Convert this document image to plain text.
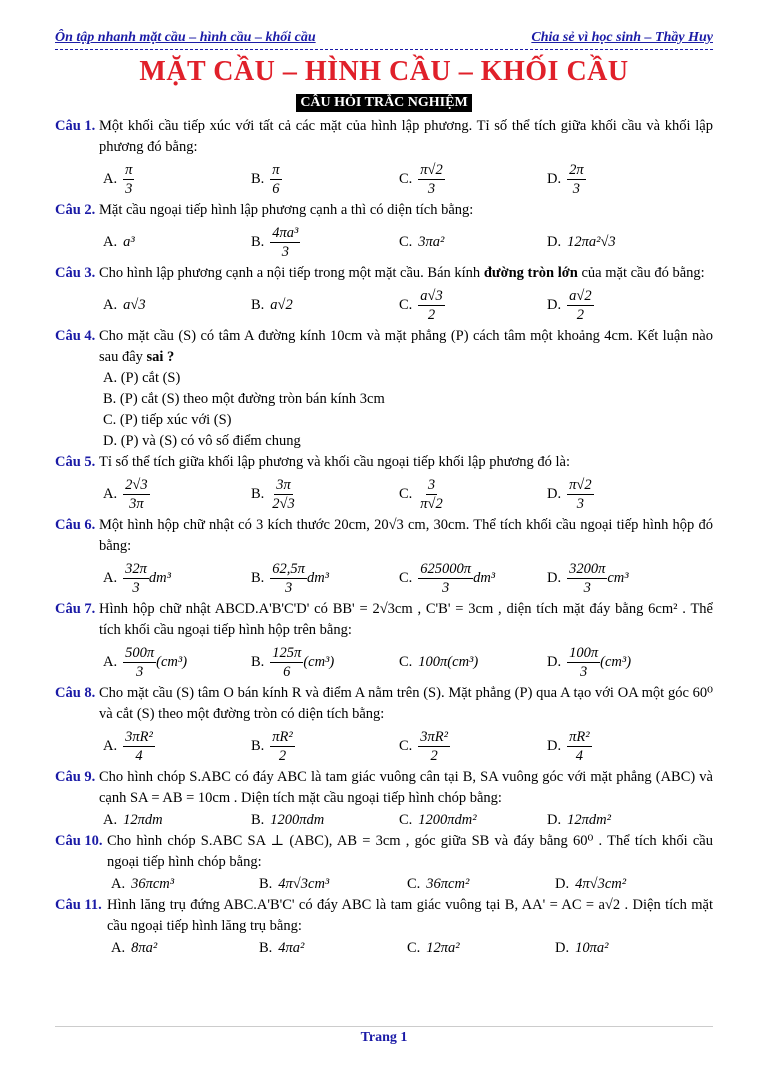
Ôn tập nhanh mặt cầu – hình cầu – khối cầu	Chia sẻ vì học sinh – Thầy Huy
MẶT CẦU – HÌNH CẦU – KHỐI CẦU
CÂU HỎI TRẮC NGHIỆM
Câu 1. Một khối cầu tiếp xúc với tất cả các mặt của hình lập phương. Tỉ số thể tích giữa khối cầu và khối lập phương đó bằng:
A. $\frac{\pi}{3}$	B. $\frac{\pi}{6}$	C. $\frac{\pi√2}{3}$	D. $\frac{2\pi}{3}$
Câu 2. Mặt cầu ngoại tiếp hình lập phương cạnh a thì có diện tích bằng:
A. a³	B. $\frac{\text{4πa³}}{3}$	C. 3πa²	D. 12πa²√3
Câu 3. Cho hình lập phương cạnh a nội tiếp trong một mặt cầu. Bán kính đường tròn lớn của mặt cầu đó bằng:
A. a√3	B. a√2	C. $\frac{a√3}{2}$	D. $\frac{a√2}{2}$
Câu 4. Cho mặt cầu (S) có tâm A đường kính 10cm và mặt phẳng (P) cách tâm một khoảng 4cm. Kết luận nào sau đây sai ?
A. (P) cắt (S)
B. (P) cắt (S) theo một đường tròn bán kính 3cm
C. (P) tiếp xúc với (S)
D. (P) và (S) có vô số điểm chung
Câu 5. Tỉ số thể tích giữa khối lập phương và khối cầu ngoại tiếp khối lập phương đó là:
A. $\frac{2√3}{3\pi}$	B. $\frac{3\pi}{2√3}$	C. $\frac{3}{\pi√2}$	D. $\frac{\pi√2}{3}$
Câu 6. Một hình hộp chữ nhật có 3 kích thước 20cm, 20√3 cm, 30cm. Thể tích khối cầu ngoại tiếp hình hộp đó bằng:
A. $\frac{32\pi}{3} dm^3$	B. $\frac{62,5\pi}{3} dm^3$	C. $\frac{625000\pi}{3} dm^3$	D. $\frac{3200\pi}{3} cm^3$
Câu 7. Hình hộp chữ nhật ABCD.A'B'C'D' có BB' = 2√3cm , C'B' = 3cm , diện tích mặt đáy bằng 6cm² . Thể tích khối cầu ngoại tiếp hình hộp trên bằng:
A. $\frac{500\pi}{3} (cm^3)$	B. $\frac{125\pi}{6} (cm^3)$	C. 100π(cm³)	D. $\frac{100\pi}{3} (cm^3)$
Câu 8. Cho mặt cầu (S) tâm O bán kính R và điểm A nằm trên (S). Mặt phẳng (P) qua A tạo với OA một góc 60⁰ và cắt (S) theo một đường tròn có diện tích bằng:
A. $\frac{\text{3πR²}}{4}$	B. $\frac{\text{πR²}}{2}$	C. $\frac{\text{3πR²}}{2}$	D. $\frac{\text{πR²}}{4}$
Câu 9. Cho hình chóp S.ABC có đáy ABC là tam giác vuông cân tại B, SA vuông góc với mặt phẳng (ABC) và cạnh SA = AB = 10cm . Diện tích mặt cầu ngoại tiếp hình chóp bằng:
A. 12πdm	B. 1200πdm	C. 1200πdm²	D. 12πdm²
Câu 10. Cho hình chóp S.ABC SA ⊥ (ABC), AB = 3cm , góc giữa SB và đáy bằng 60⁰ . Thể tích khối cầu ngoại tiếp hình chóp bằng:
A. 36πcm³	B. 4π√3cm³	C. 36πcm²	D. 4π√3cm²
Câu 11. Hình lăng trụ đứng ABC.A'B'C' có đáy ABC là tam giác vuông tại B, AA' = AC = a√2 . Diện tích mặt cầu ngoại tiếp hình lăng trụ bằng:
A. 8πa²	B. 4πa²	C. 12πa²	D. 10πa²
Trang 1
